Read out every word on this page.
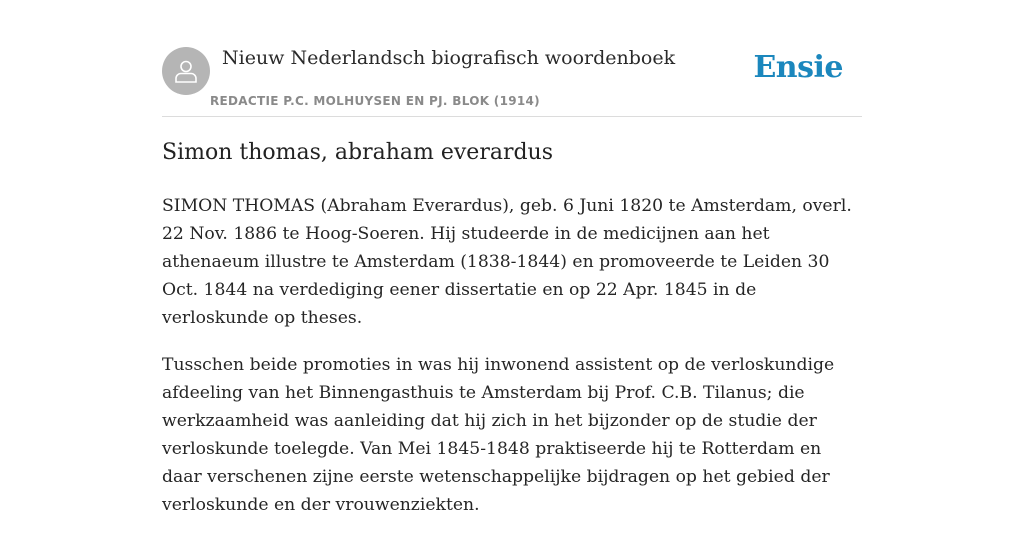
Nieuw Nederlandsch biografisch woordenboek
REDACTIE P.C. MOLHUYSEN EN PJ. BLOK (1914)
Ensie
Simon thomas, abraham everardus

SIMON THOMAS (Abraham Everardus), geb. 6 Juni 1820 te Amsterdam, overl. 22 Nov. 1886 te Hoog-Soeren. Hij studeerde in de medicijnen aan het athenaeum illustre te Amsterdam (1838-1844) en promoveerde te Leiden 30 Oct. 1844 na verdediging eener dissertatie en op 22 Apr. 1845 in de verloskunde op theses.

Tusschen beide promoties in was hij inwonend assistent op de verloskundige afdeeling van het Binnengasthuis te Amsterdam bij Prof. C.B. Tilanus; die werkzaamheid was aanleiding dat hij zich in het bijzonder op de studie der verloskunde toelegde. Van Mei 1845-1848 praktiseerde hij te Rotterdam en daar verschenen zijne eerste wetenschappelijke bijdragen op het gebied der verloskunde en der vrouwenziekten.
